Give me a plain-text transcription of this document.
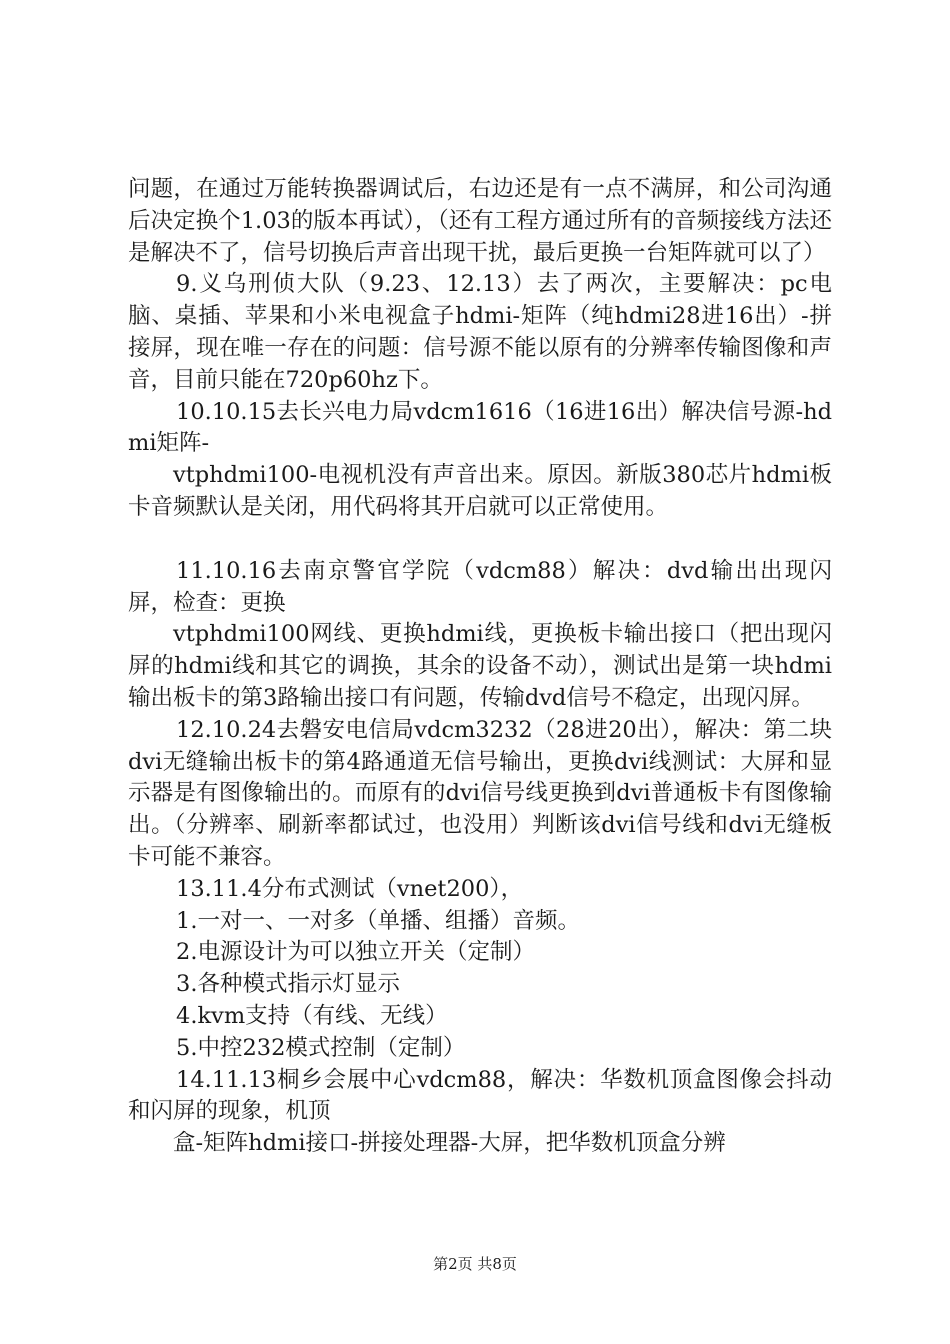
问题，在通过万能转换器调试后，右边还是有一点不满屏，和公司沟通后决定换个1.03的版本再试），（还有工程方通过所有的音频接线方法还是解决不了，信号切换后声音出现干扰，最后更换一台矩阵就可以了）

9.义乌刑侦大队（9.23、12.13）去了两次，主要解决：pc电脑、桌插、苹果和小米电视盒子hdmi-矩阵（纯hdmi28进16出）-拼接屏，现在唯一存在的问题：信号源不能以原有的分辨率传输图像和声音，目前只能在720p60hz下。

10.10.15去长兴电力局vdcm1616（16进16出）解决信号源-hdmi矩阵-

vtphdmi100-电视机没有声音出来。原因。新版380芯片hdmi板卡音频默认是关闭，用代码将其开启就可以正常使用。

11.10.16去南京警官学院（vdcm88）解决：dvd输出出现闪屏，检查：更换

vtphdmi100网线、更换hdmi线，更换板卡输出接口（把出现闪屏的hdmi线和其它的调换，其余的设备不动），测试出是第一块hdmi输出板卡的第3路输出接口有问题，传输dvd信号不稳定，出现闪屏。

12.10.24去磐安电信局vdcm3232（28进20出），解决：第二块dvi无缝输出板卡的第4路通道无信号输出，更换dvi线测试：大屏和显示器是有图像输出的。而原有的dvi信号线更换到dvi普通板卡有图像输出。（分辨率、刷新率都试过，也没用）判断该dvi信号线和dvi无缝板卡可能不兼容。

13.11.4分布式测试（vnet200），

1.一对一、一对多（单播、组播）音频。

2.电源设计为可以独立开关（定制）

3.各种模式指示灯显示

4.kvm支持（有线、无线）

5.中控232模式控制（定制）

14.11.13桐乡会展中心vdcm88，解决：华数机顶盒图像会抖动和闪屏的现象，机顶

盒-矩阵hdmi接口-拼接处理器-大屏，把华数机顶盒分辨

第2页 共8页
